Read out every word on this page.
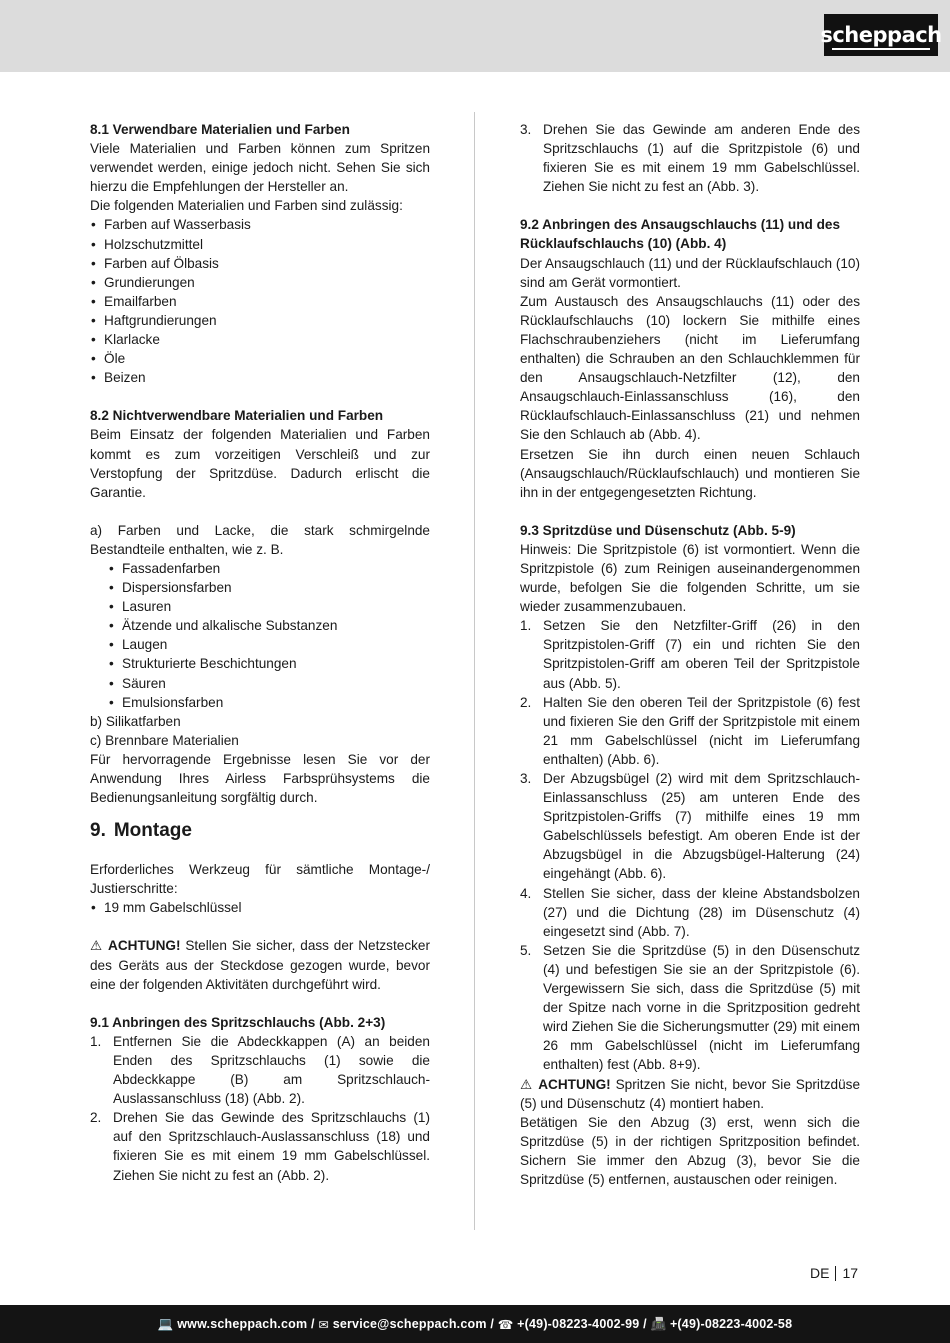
scheppach

8.1 Verwendbare Materialien und Farben

Viele Materialien und Farben können zum Spritzen verwendet werden, einige jedoch nicht. Sehen Sie sich hierzu die Empfehlungen der Hersteller an.

Die folgenden Materialien und Farben sind zulässig:

• Farben auf Wasserbasis
• Holzschutzmittel
• Farben auf Ölbasis
• Grundierungen
• Emailfarben
• Haftgrundierungen
• Klarlacke
• Öle
• Beizen

8.2 Nichtverwendbare Materialien und Farben

Beim Einsatz der folgenden Materialien und Farben kommt es zum vorzeitigen Verschleiß und zur Verstopfung der Spritzdüse. Dadurch erlischt die Garantie.

a) Farben und Lacke, die stark schmirgelnde Bestandteile enthalten, wie z. B.

• Fassadenfarben
• Dispersionsfarben
• Lasuren
• Ätzende und alkalische Substanzen
• Laugen
• Strukturierte Beschichtungen
• Säuren
• Emulsionsfarben

b) Silikatfarben

c) Brennbare Materialien

Für hervorragende Ergebnisse lesen Sie vor der Anwendung Ihres Airless Farbsprühsystems die Bedienungsanleitung sorgfältig durch.

9. Montage

Erforderliches Werkzeug für sämtliche Montage-/ Justierschritte:

• 19 mm Gabelschlüssel

⚠ ACHTUNG! Stellen Sie sicher, dass der Netzstecker des Geräts aus der Steckdose gezogen wurde, bevor eine der folgenden Aktivitäten durchgeführt wird.

9.1 Anbringen des Spritzschlauchs (Abb. 2+3)

1. Entfernen Sie die Abdeckkappen (A) an beiden Enden des Spritzschlauchs (1) sowie die Abdeckkappe (B) am Spritzschlauch-Auslassanschluss (18) (Abb. 2).
2. Drehen Sie das Gewinde des Spritzschlauchs (1) auf den Spritzschlauch-Auslassanschluss (18) und fixieren Sie es mit einem 19 mm Gabelschlüssel. Ziehen Sie nicht zu fest an (Abb. 2).
3. Drehen Sie das Gewinde am anderen Ende des Spritzschlauchs (1) auf die Spritzpistole (6) und fixieren Sie es mit einem 19 mm Gabelschlüssel. Ziehen Sie nicht zu fest an (Abb. 3).

9.2 Anbringen des Ansaugschlauchs (11) und des Rücklaufschlauchs (10) (Abb. 4)

Der Ansaugschlauch (11) und der Rücklaufschlauch (10) sind am Gerät vormontiert.

Zum Austausch des Ansaugschlauchs (11) oder des Rücklaufschlauchs (10) lockern Sie mithilfe eines Flachschraubenziehers (nicht im Lieferumfang enthalten) die Schrauben an den Schlauchklemmen für den Ansaugschlauch-Netzfilter (12), den Ansaugschlauch-Einlassanschluss (16), den Rücklaufschlauch-Einlassanschluss (21) und nehmen Sie den Schlauch ab (Abb. 4).

Ersetzen Sie ihn durch einen neuen Schlauch (Ansaugschlauch/Rücklaufschlauch) und montieren Sie ihn in der entgegengesetzten Richtung.

9.3 Spritzdüse und Düsenschutz (Abb. 5-9)

Hinweis: Die Spritzpistole (6) ist vormontiert. Wenn die Spritzpistole (6) zum Reinigen auseinandergenommen wurde, befolgen Sie die folgenden Schritte, um sie wieder zusammenzubauen.

1. Setzen Sie den Netzfilter-Griff (26) in den Spritzpistolen-Griff (7) ein und richten Sie den Spritzpistolen-Griff am oberen Teil der Spritzpistole aus (Abb. 5).
2. Halten Sie den oberen Teil der Spritzpistole (6) fest und fixieren Sie den Griff der Spritzpistole mit einem 21 mm Gabelschlüssel (nicht im Lieferumfang enthalten) (Abb. 6).
3. Der Abzugsbügel (2) wird mit dem Spritzschlauch-Einlassanschluss (25) am unteren Ende des Spritzpistolen-Griffs (7) mithilfe eines 19 mm Gabelschlüssels befestigt. Am oberen Ende ist der Abzugsbügel in die Abzugsbügel-Halterung (24) eingehängt (Abb. 6).
4. Stellen Sie sicher, dass der kleine Abstandsbolzen (27) und die Dichtung (28) im Düsenschutz (4) eingesetzt sind (Abb. 7).
5. Setzen Sie die Spritzdüse (5) in den Düsenschutz (4) und befestigen Sie sie an der Spritzpistole (6). Vergewissern Sie sich, dass die Spritzdüse (5) mit der Spitze nach vorne in die Spritzposition gedreht wird Ziehen Sie die Sicherungsmutter (29) mit einem 26 mm Gabelschlüssel (nicht im Lieferumfang enthalten) fest (Abb. 8+9).

⚠ ACHTUNG! Spritzen Sie nicht, bevor Sie Spritzdüse (5) und Düsenschutz (4) montiert haben.

Betätigen Sie den Abzug (3) erst, wenn sich die Spritzdüse (5) in der richtigen Spritzposition befindet. Sichern Sie immer den Abzug (3), bevor Sie die Spritzdüse (5) entfernen, austauschen oder reinigen.

DE 17
💻
www.scheppach.com / ✉
service@scheppach.com / ☎
+(49)-08223-4002-99 / 📠
+(49)-08223-4002-58
